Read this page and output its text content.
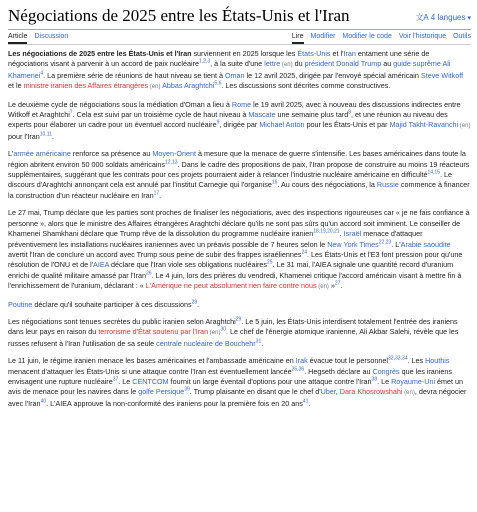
Négociations de 2025 entre les États-Unis et l'Iran	文A 4 langues ▾
Article Discussion	Lire Modifier Modifier le code Voir l'historique Outils

Les négociations de 2025 entre les États-Unis et l'Iran surviennent en 2025 lorsque les États-Unis et l'Iran entament une série de négociations visant à parvenir à un accord de paix nucléaire$^{1,2,3}$, à la suite d'une lettre (en) du président Donald Trump au guide suprême Ali Khamenei$^4$. La première série de réunions de haut niveau se tient à Oman le 12 avril 2025, dirigée par l'envoyé spécial américain Steve Witkoff et le ministre iranien des Affaires étrangères (en) Abbas Araghtchi$^{5,6}$. Les discussions sont décrites comme constructives.

Le deuxième cycle de négociations sous la médiation d'Oman a lieu à Rome le 19 avril 2025, avec à nouveau des discussions indirectes entre Witkoff et Araghtchi$^7$. Cela est suivi par un troisième cycle de haut niveau à Mascate une semaine plus tard$^8$, et une réunion au niveau des experts pour élaborer un cadre pour un éventuel accord nucléaire$^9$, dirigée par Michael Anton pour les États-Unis et par Majid Takht-Ravanchi (en) pour l'Iran$^{10,11}$.

L'armée américaine renforce sa présence au Moyen-Orient à mesure que la menace de guerre s'intensifie. Les bases américaines dans toute la région abritent environ 50 000 soldats américains$^{12,13}$. Dans le cadre des propositions de paix, l'Iran propose de construire au moins 19 réacteurs supplémentaires, suggérant que les contrats pour ces projets pourraient aider à relancer l'industrie nucléaire américaine en difficulté$^{14,15}$. Le discours d'Araghtchi annonçant cela est annulé par l'institut Carnegie qui l'organise$^{16}$. Au cours des négociations, la Russie commence à financer la construction d'un réacteur nucléaire en Iran$^{17}$.

Le 27 mai, Trump déclare que les parties sont proches de finaliser les négociations, avec des inspections rigoureuses car « je ne fais confiance à personne », alors que le ministre des Affaires étrangères Araghtchi déclare qu'ils ne sont pas sûrs qu'un accord soit imminent. Le conseiller de Khamenei Shamkhani déclare que Trump rêve de la dissolution du programme nucléaire iranien$^{18,19,20,21}$. Israël menace d'attaquer préventivement les installations nucléaires iraniennes avec un préavis possible de 7 heures selon le New York Times$^{22,23}$. L'Arabie saoudite avertit l'Iran de conclure un accord avec Trump sous peine de subir des frappes israéliennes$^{24}$. Les États-Unis et l'E3 font pression pour qu'une résolution de l'ONU et de l'AIEA déclare que l'Iran viole ses obligations nucléaires$^{25}$. Le 31 mai, l'AIEA signale une quantité record d'uranium enrichi de qualité militaire amassé par l'Iran$^{26}$. Le 4 juin, lors des prières du vendredi, Khamenei critique l'accord américain visant à mettre fin à l'enrichissement de l'uranium, déclarant : « L'Amérique ne peut absolument rien faire contre nous (en) »$^{27}$.

Poutine déclare qu'il souhaite participer à ces discussions$^{28}$.

Les négociations sont tenues secrètes du public iranien selon Araghtchi$^{29}$. Le 5 juin, les États-Unis interdisent totalement l'entrée des iraniens dans leur pays en raison du terrorisme d'État soutenu par l'Iran (en)$^{30}$. Le chef de l'énergie atomique iranienne, Ali Akbar Salehi, révèle que les russes refusent à l'Iran l'utilisation de sa seule centrale nucléaire de Bouchehr$^{31}$.

Le 11 juin, le régime iranien menace les bases américaines et l'ambassade américaine en Irak évacue tout le personnel$^{32,33,34}$. Les Houthis menacent d'attaquer les États-Unis si une attaque contre l'Iran est éventuellement lancée$^{35,36}$. Hegseth déclare au Congrès que les iraniens envisagent une rupture nucléaire$^{37}$. Le CENTCOM fournit un large éventail d'options pour une attaque contre l'Iran$^{38}$. Le Royaume-Uni émet un avis de menace pour les navires dans le golfe Persique$^{39}$. Trump plaisante en disant que le chef d'Uber, Dara Khosrowshahi (en), devra négocier avec l'Iran$^{40}$. L'AIEA approuve la non-conformité des iraniens pour la première fois en 20 ans$^{41}$.
